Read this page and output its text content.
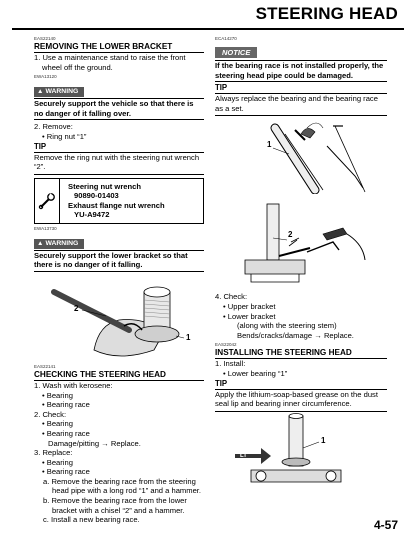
STEERING HEAD
EAS22140
REMOVING THE LOWER BRACKET
1. Use a maintenance stand to raise the front wheel off the ground.
EWA13120
▲ WARNING
Securely support the vehicle so that there is no danger of it falling over.
2. Remove:
• Ring nut “1”
TIP
Remove the ring nut with the steering nut wrench “2”.
Steering nut wrench
90890-01403
Exhaust flange nut wrench
YU-A9472
EWA13730
▲ WARNING
Securely support the lower bracket so that there is no danger of it falling.
2
1
EAS22141
CHECKING THE STEERING HEAD
1. Wash with kerosene:
• Bearing
• Bearing race
2. Check:
• Bearing
• Bearing race
Damage/pitting → Replace.
3. Replace:
• Bearing
• Bearing race
a. Remove the bearing race from the steering head pipe with a long rod “1” and a hammer.
b. Remove the bearing race from the lower bracket with a chisel “2” and a hammer.
c. Install a new bearing race.
ECA14270
NOTICE
If the bearing race is not installed properly, the steering head pipe could be damaged.
TIP
Always replace the bearing and the bearing race as a set.
1
2
4. Check:
• Upper bracket
• Lower bracket
(along with the steering stem)
Bends/cracks/damage → Replace.
EAS22042
INSTALLING THE STEERING HEAD
1. Install:
• Lower bearing “1”
TIP
Apply the lithium-soap-based grease on the dust seal lip and bearing inner circumference.
LT
1
4-57
